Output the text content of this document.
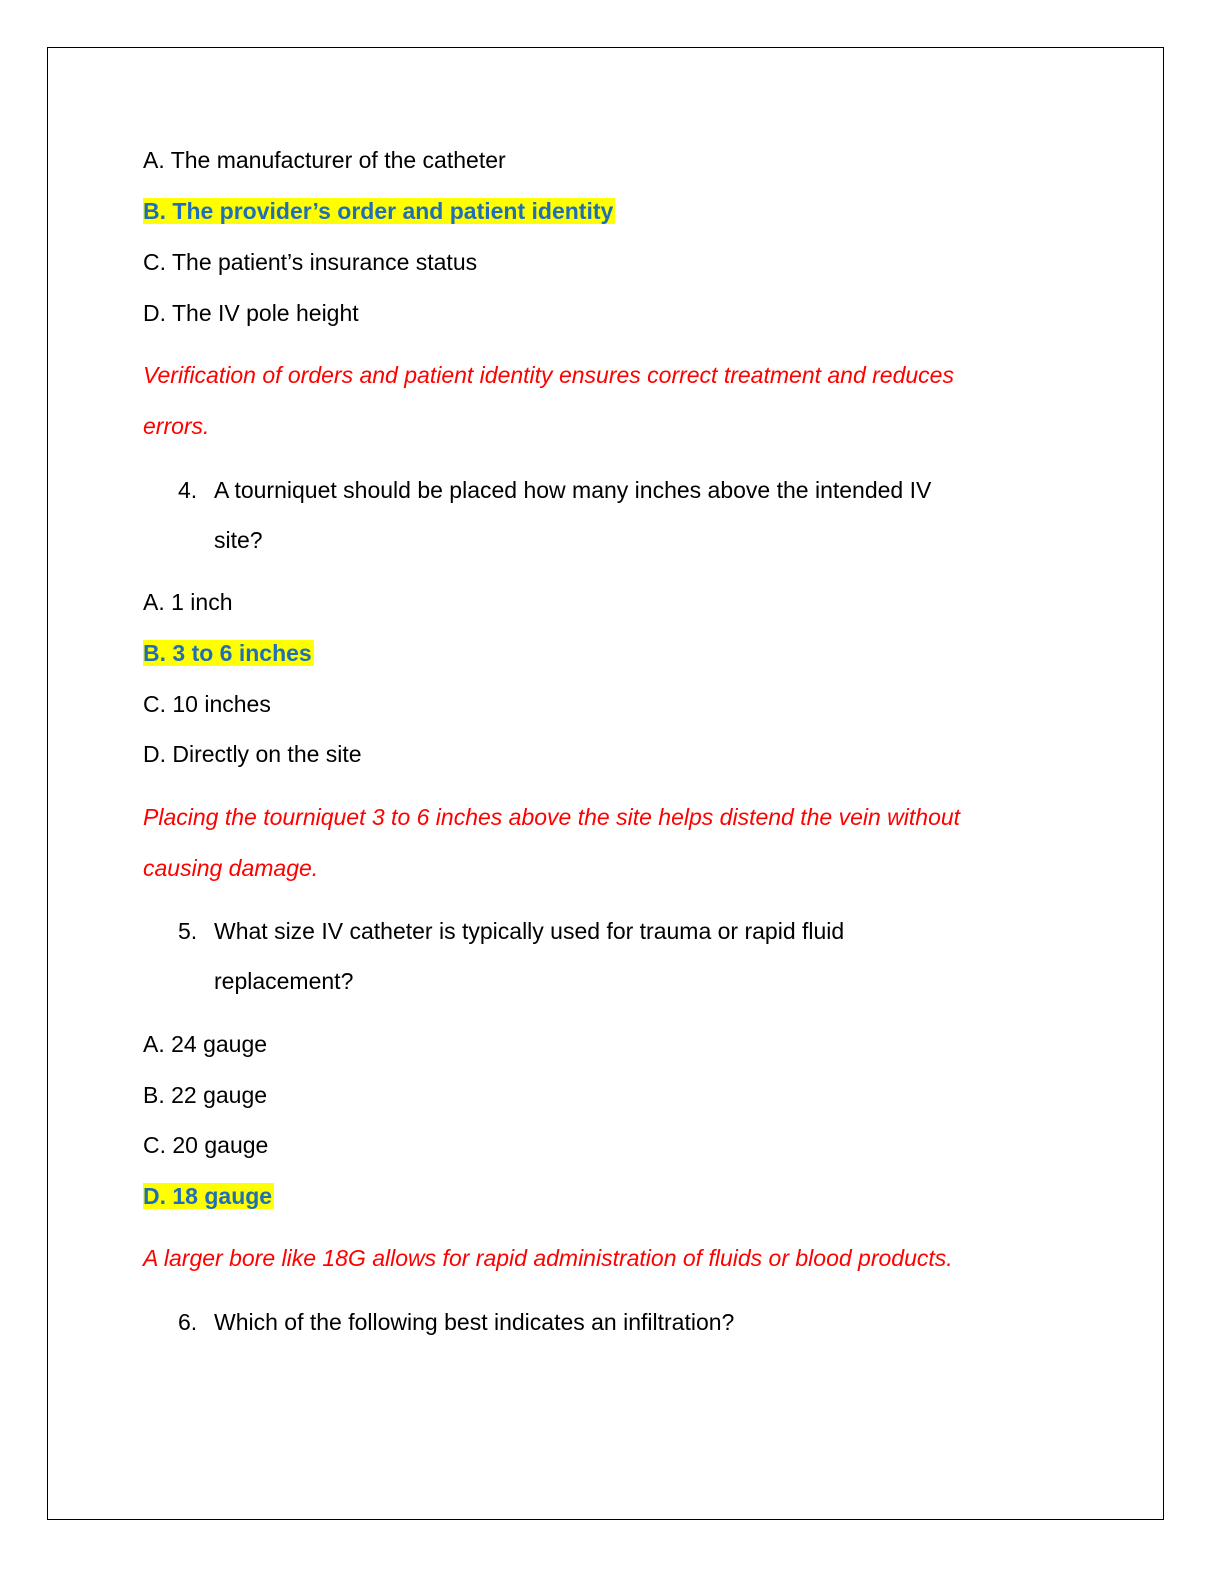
A. The manufacturer of the catheter
B. The provider’s order and patient identity
C. The patient’s insurance status
D. The IV pole height
Verification of orders and patient identity ensures correct treatment and reduces
errors.
4. A tourniquet should be placed how many inches above the intended IV
site?
A. 1 inch
B. 3 to 6 inches
C. 10 inches
D. Directly on the site
Placing the tourniquet 3 to 6 inches above the site helps distend the vein without
causing damage.
5. What size IV catheter is typically used for trauma or rapid fluid
replacement?
A. 24 gauge
B. 22 gauge
C. 20 gauge
D. 18 gauge
A larger bore like 18G allows for rapid administration of fluids or blood products.
6. Which of the following best indicates an infiltration?
